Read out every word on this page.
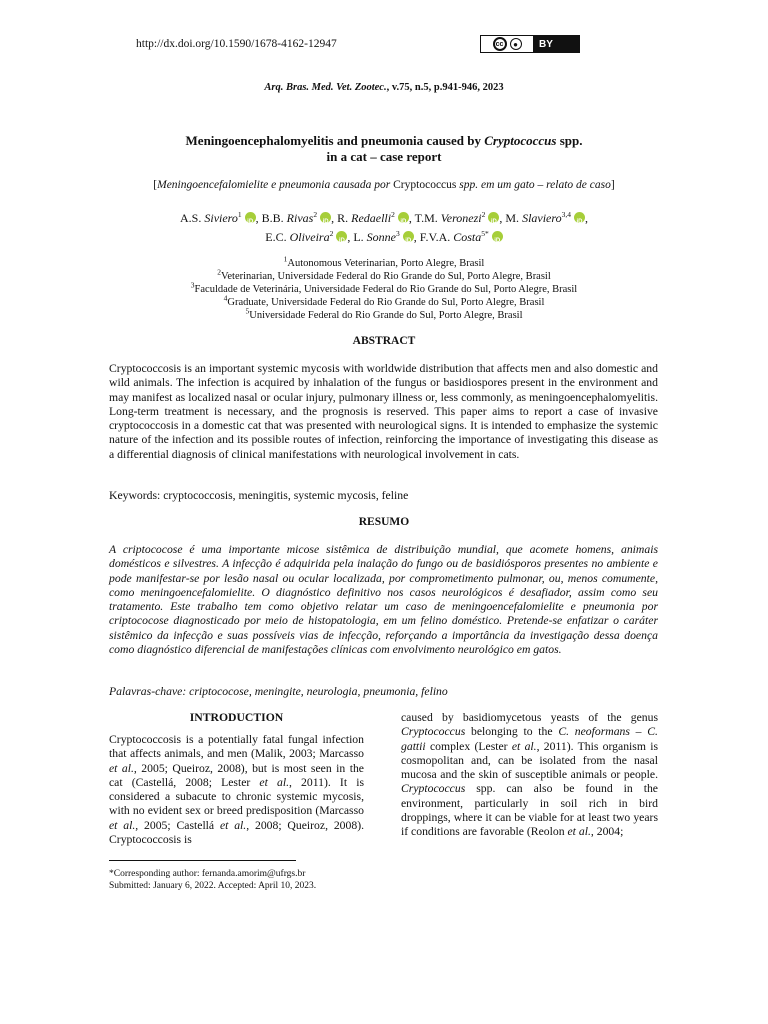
http://dx.doi.org/10.1590/1678-4162-12947	cc	●	BY
Arq. Bras. Med. Vet. Zootec., v.75, n.5, p.941-946, 2023
Meningoencephalomyelitis and pneumonia caused by Cryptococcus spp.
in a cat – case report
[Meningoencefalomielite e pneumonia causada por Cryptococcus spp. em um gato – relato de caso]
A.S. Siviero$^1$ iD , B.B. Rivas$^2$ iD , R. Redaelli$^2$ iD , T.M. Veronezi$^2$ iD , M. Slaviero$^{3,4}$ iD ,
E.C. Oliveira$^2$ iD , L. Sonne$^3$ iD , F.V.A. Costa$^{5*}$ iD
$^1$Autonomous Veterinarian, Porto Alegre, Brasil
$^2$Veterinarian, Universidade Federal do Rio Grande do Sul, Porto Alegre, Brasil
$^3$Faculdade de Veterinária, Universidade Federal do Rio Grande do Sul, Porto Alegre, Brasil
$^4$Graduate, Universidade Federal do Rio Grande do Sul, Porto Alegre, Brasil
$^5$Universidade Federal do Rio Grande do Sul, Porto Alegre, Brasil
ABSTRACT
Cryptococcosis is an important systemic mycosis with worldwide distribution that affects men and also domestic and wild animals. The infection is acquired by inhalation of the fungus or basidiospores present in the environment and may manifest as localized nasal or ocular injury, pulmonary illness or, less commonly, as meningoencephalomyelitis. Long-term treatment is necessary, and the prognosis is reserved. This paper aims to report a case of invasive cryptococcosis in a domestic cat that was presented with neurological signs. It is intended to emphasize the systemic nature of the infection and its possible routes of infection, reinforcing the importance of investigating this disease as a differential diagnosis of clinical manifestations with neurological involvement in cats.
Keywords: cryptococcosis, meningitis, systemic mycosis, feline
RESUMO
A criptococose é uma importante micose sistêmica de distribuição mundial, que acomete homens, animais domésticos e silvestres. A infecção é adquirida pela inalação do fungo ou de basidiósporos presentes no ambiente e pode manifestar-se por lesão nasal ou ocular localizada, por comprometimento pulmonar, ou, menos comumente, como meningoencefalomielite. O diagnóstico definitivo nos casos neurológicos é desafiador, assim como seu tratamento. Este trabalho tem como objetivo relatar um caso de meningoencefalomielite e pneumonia por criptococose diagnosticado por meio de histopatologia, em um felino doméstico. Pretende-se enfatizar o caráter sistêmico da infecção e suas possíveis vias de infecção, reforçando a importância da investigação dessa doença como diagnóstico diferencial de manifestações clínicas com envolvimento neurológico em gatos.
Palavras-chave: criptococose, meningite, neurologia, pneumonia, felino
INTRODUCTION
Cryptococcosis is a potentially fatal fungal infection that affects animals, and men (Malik, 2003; Marcasso et al., 2005; Queiroz, 2008), but is most seen in the cat (Castellá, 2008; Lester et al., 2011). It is considered a subacute to chronic systemic mycosis, with no evident sex or breed predisposition (Marcasso et al., 2005; Castellá et al., 2008; Queiroz, 2008). Cryptococcosis is
caused by basidiomycetous yeasts of the genus Cryptococcus belonging to the C. neoformans – C. gattii complex (Lester et al., 2011). This organism is cosmopolitan and, can be isolated from the nasal mucosa and the skin of susceptible animals or people. Cryptococcus spp. can also be found in the environment, particularly in soil rich in bird droppings, where it can be viable for at least two years if conditions are favorable (Reolon et al., 2004;
*Corresponding author: fernanda.amorim@ufrgs.br
Submitted: January 6, 2022. Accepted: April 10, 2023.
